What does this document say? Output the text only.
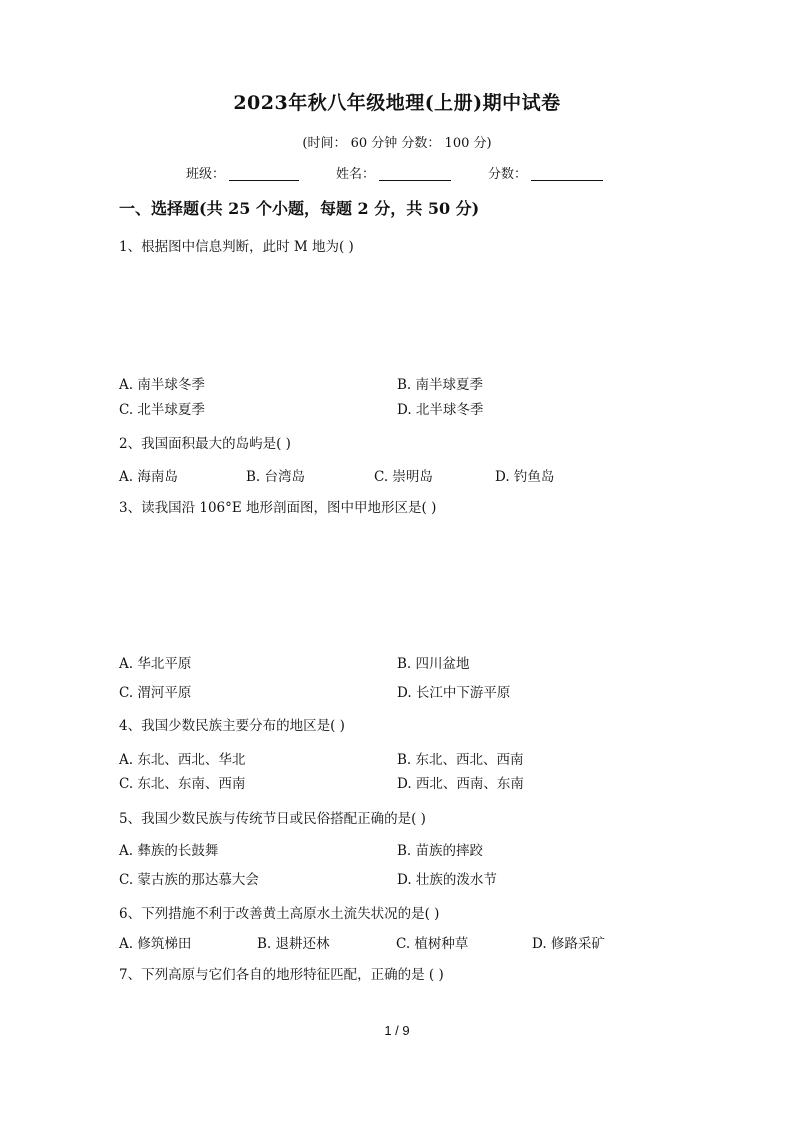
2023年秋八年级地理(上册)期中试卷
(时间： 60 分钟 分数： 100 分)
班级：	姓名：	分数：
一、选择题(共 25 个小题，每题 2 分，共 50 分)
1、根据图中信息判断，此时 M 地为( )
A. 南半球冬季	B. 南半球夏季
C. 北半球夏季	D. 北半球冬季
2、我国面积最大的岛屿是( )
A. 海南岛	B. 台湾岛	C. 崇明岛	D. 钓鱼岛
3、读我国沿 106°E 地形剖面图，图中甲地形区是( )
A. 华北平原	B. 四川盆地
C. 渭河平原	D. 长江中下游平原
4、我国少数民族主要分布的地区是( )
A. 东北、西北、华北	B. 东北、西北、西南
C. 东北、东南、西南	D. 西北、西南、东南
5、我国少数民族与传统节日或民俗搭配正确的是( )
A. 彝族的长鼓舞	B. 苗族的摔跤
C. 蒙古族的那达慕大会	D. 壮族的泼水节
6、下列措施不利于改善黄土高原水土流失状况的是( )
A. 修筑梯田	B. 退耕还林	C. 植树种草	D. 修路采矿
7、下列高原与它们各自的地形特征匹配，正确的是 ( )
1 / 9
